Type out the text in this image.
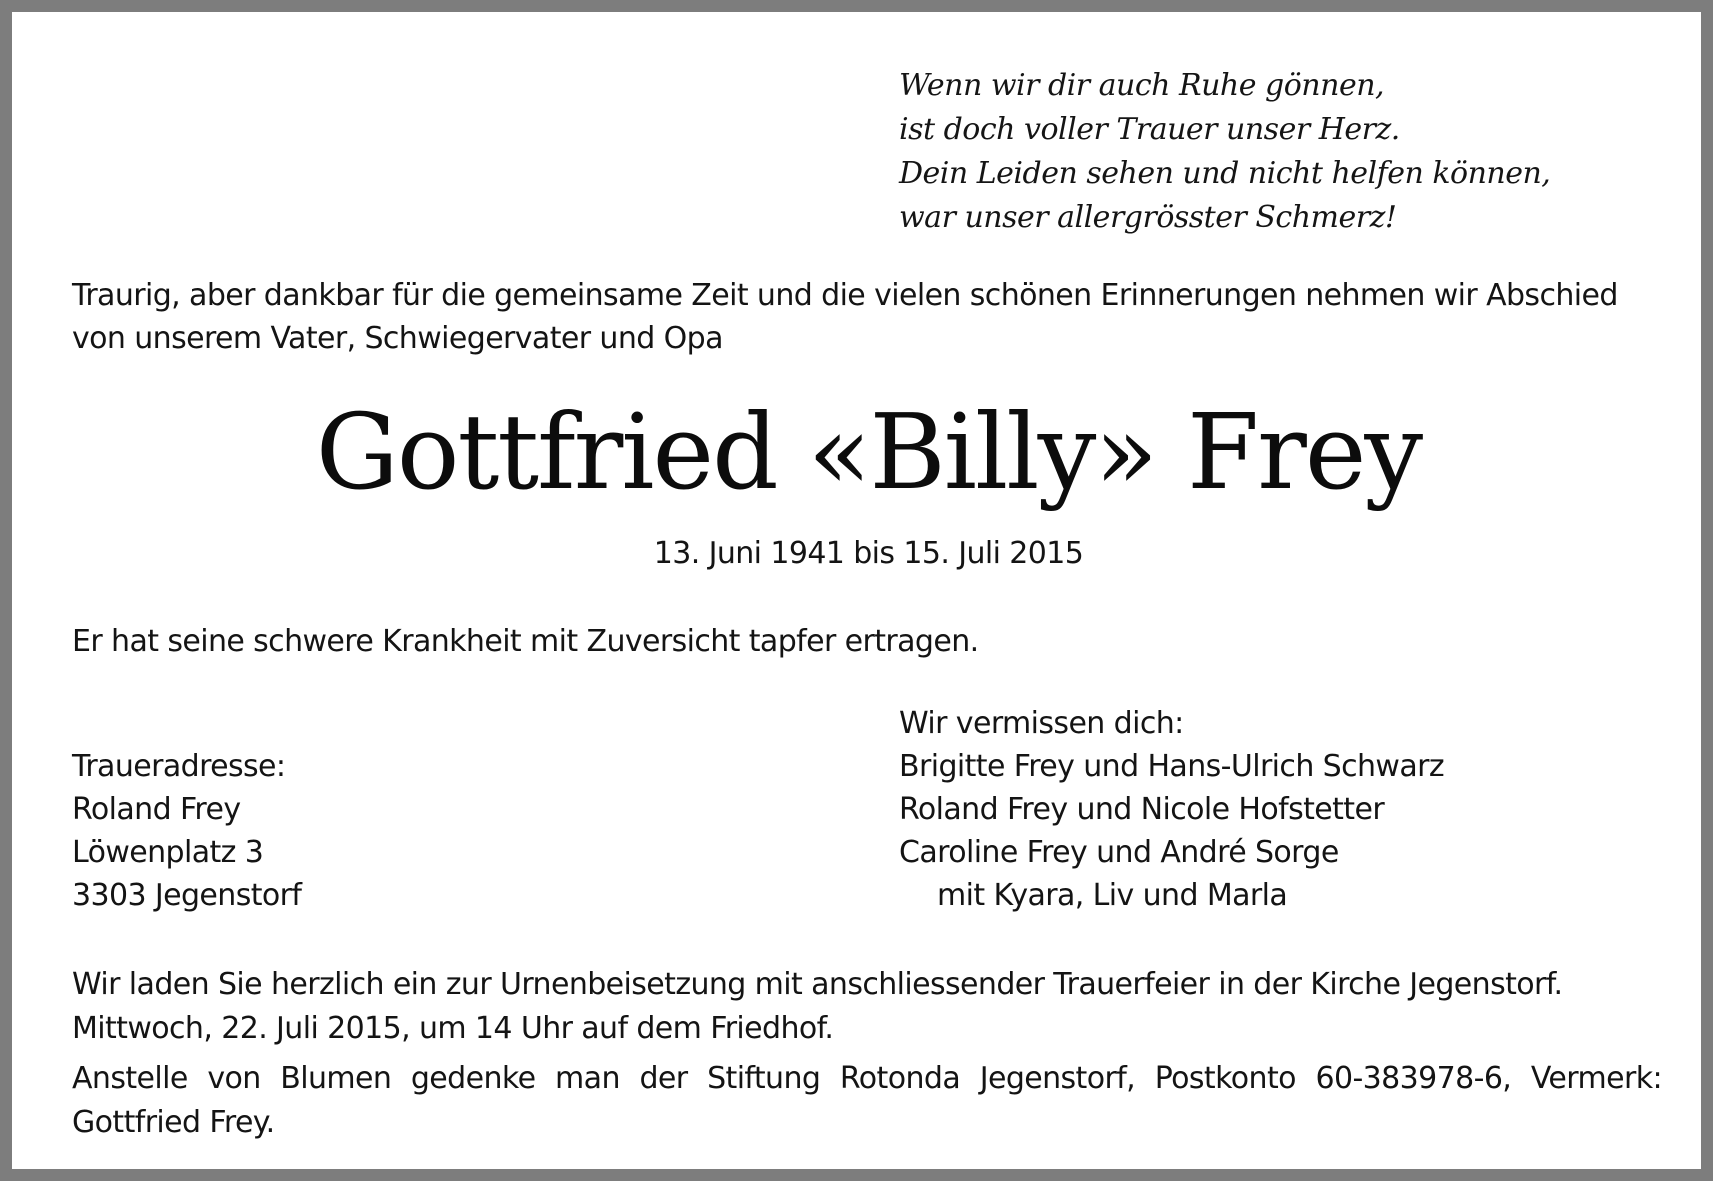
Wenn wir dir auch Ruhe gönnen,
ist doch voller Trauer unser Herz.
Dein Leiden sehen und nicht helfen können,
war unser allergrösster Schmerz!
Traurig, aber dankbar für die gemeinsame Zeit und die vielen schönen Erinnerungen nehmen wir Abschied von unserem Vater, Schwiegervater und Opa
Gottfried «Billy» Frey
13. Juni 1941 bis 15. Juli 2015
Er hat seine schwere Krankheit mit Zuversicht tapfer ertragen.
Traueradresse:
Roland Frey
Löwenplatz 3
3303 Jegenstorf
Wir vermissen dich:
Brigitte Frey und Hans-Ulrich Schwarz
Roland Frey und Nicole Hofstetter
Caroline Frey und André Sorge
mit Kyara, Liv und Marla
Wir laden Sie herzlich ein zur Urnenbeisetzung mit anschliessender Trauerfeier in der Kirche Jegenstorf.
Mittwoch, 22. Juli 2015, um 14 Uhr auf dem Friedhof.
Anstelle von Blumen gedenke man der Stiftung Rotonda Jegenstorf, Postkonto 60-383978-6, Vermerk: Gottfried Frey.
